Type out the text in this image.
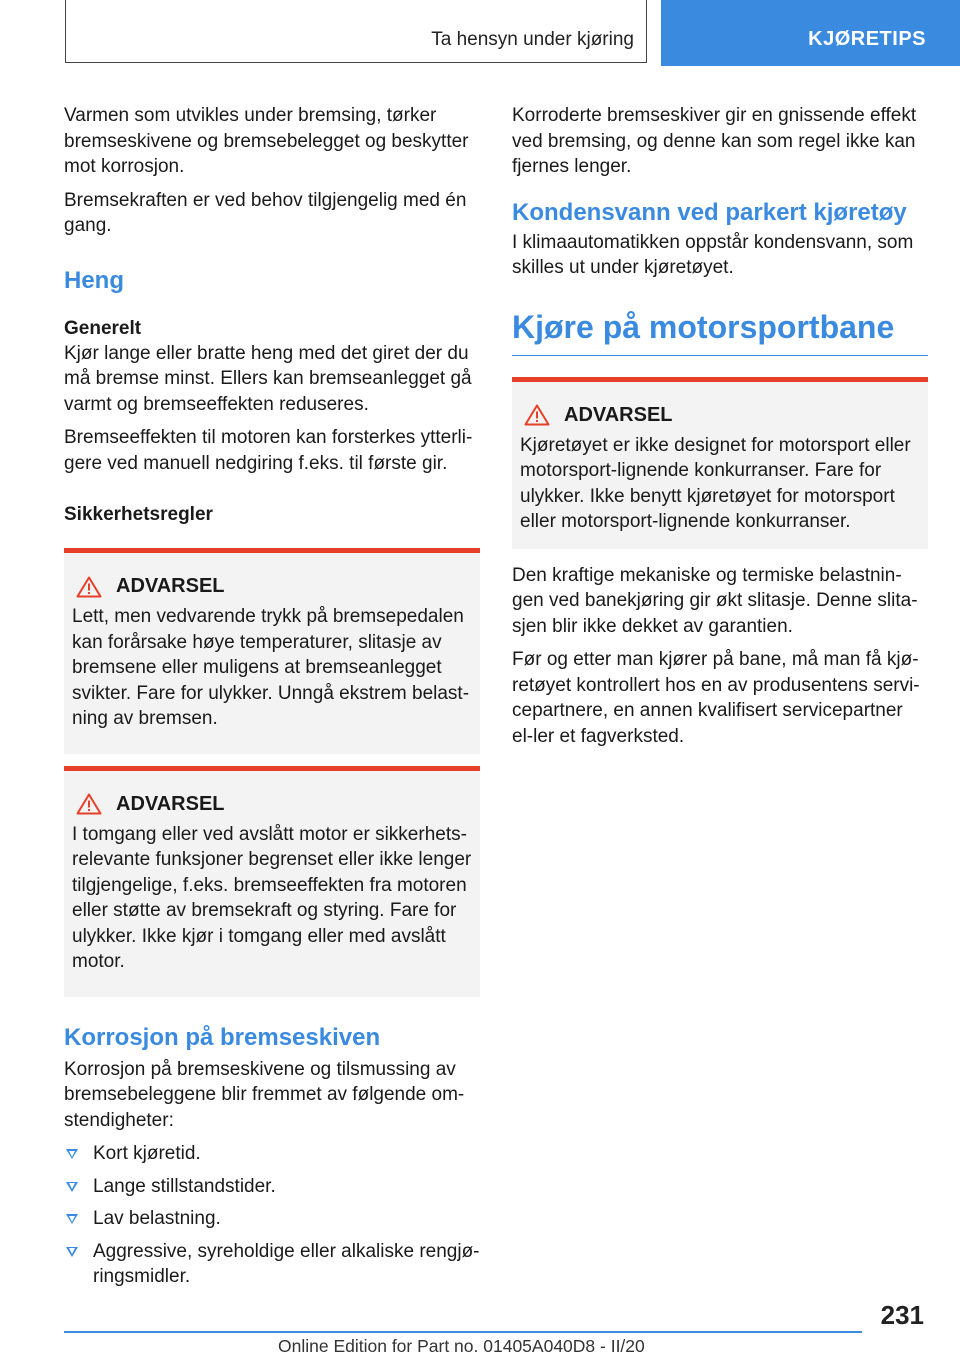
Ta hensyn under kjøring	KJØRETIPS

Varmen som utvikles under bremsing, tørker bremseskivene og bremsebelegget og beskytter mot korrosjon.

Bremsekraften er ved behov tilgjengelig med én gang.

Heng
Generelt

Kjør lange eller bratte heng med det giret der du må bremse minst. Ellers kan bremseanlegget gå varmt og bremseeffekten reduseres.

Bremseeffekten til motoren kan forsterkes ytterli‐gere ved manuell nedgiring f.eks. til første gir.

Sikkerhetsregler
ADVARSEL

Lett, men vedvarende trykk på bremsepedalen kan forårsake høye temperaturer, slitasje av bremsene eller muligens at bremseanlegget svikter. Fare for ulykker. Unngå ekstrem belast‐ning av bremsen.

ADVARSEL

I tomgang eller ved avslått motor er sikkerhets‐relevante funksjoner begrenset eller ikke lenger tilgjengelige, f.eks. bremseeffekten fra motoren eller støtte av bremsekraft og styring. Fare for ulykker. Ikke kjør i tomgang eller med avslått motor.

Korrosjon på bremseskiven

Korrosjon på bremseskivene og tilsmussing av bremsebeleggene blir fremmet av følgende om‐stendigheter:

Kort kjøretid.
Lange stillstandstider.
Lav belastning.
Aggressive, syreholdige eller alkaliske rengjø‐ringsmidler.

Korroderte bremseskiver gir en gnissende effekt ved bremsing, og denne kan som regel ikke kan fjernes lenger.

Kondensvann ved parkert kjøretøy

I klimaautomatikken oppstår kondensvann, som skilles ut under kjøretøyet.

Kjøre på motorsportbane
ADVARSEL

Kjøretøyet er ikke designet for motorsport eller motorsport-lignende konkurranser. Fare for ulykker. Ikke benytt kjøretøyet for motorsport eller motorsport-lignende konkurranser.

Den kraftige mekaniske og termiske belastnin‐gen ved banekjøring gir økt slitasje. Denne slita‐sjen blir ikke dekket av garantien.

Før og etter man kjører på bane, må man få kjø‐retøyet kontrollert hos en av produsentens servi‐cepartnere, en annen kvalifisert servicepartner el‐ler et fagverksted.

231
Online Edition for Part no. 01405A040D8 - II/20
